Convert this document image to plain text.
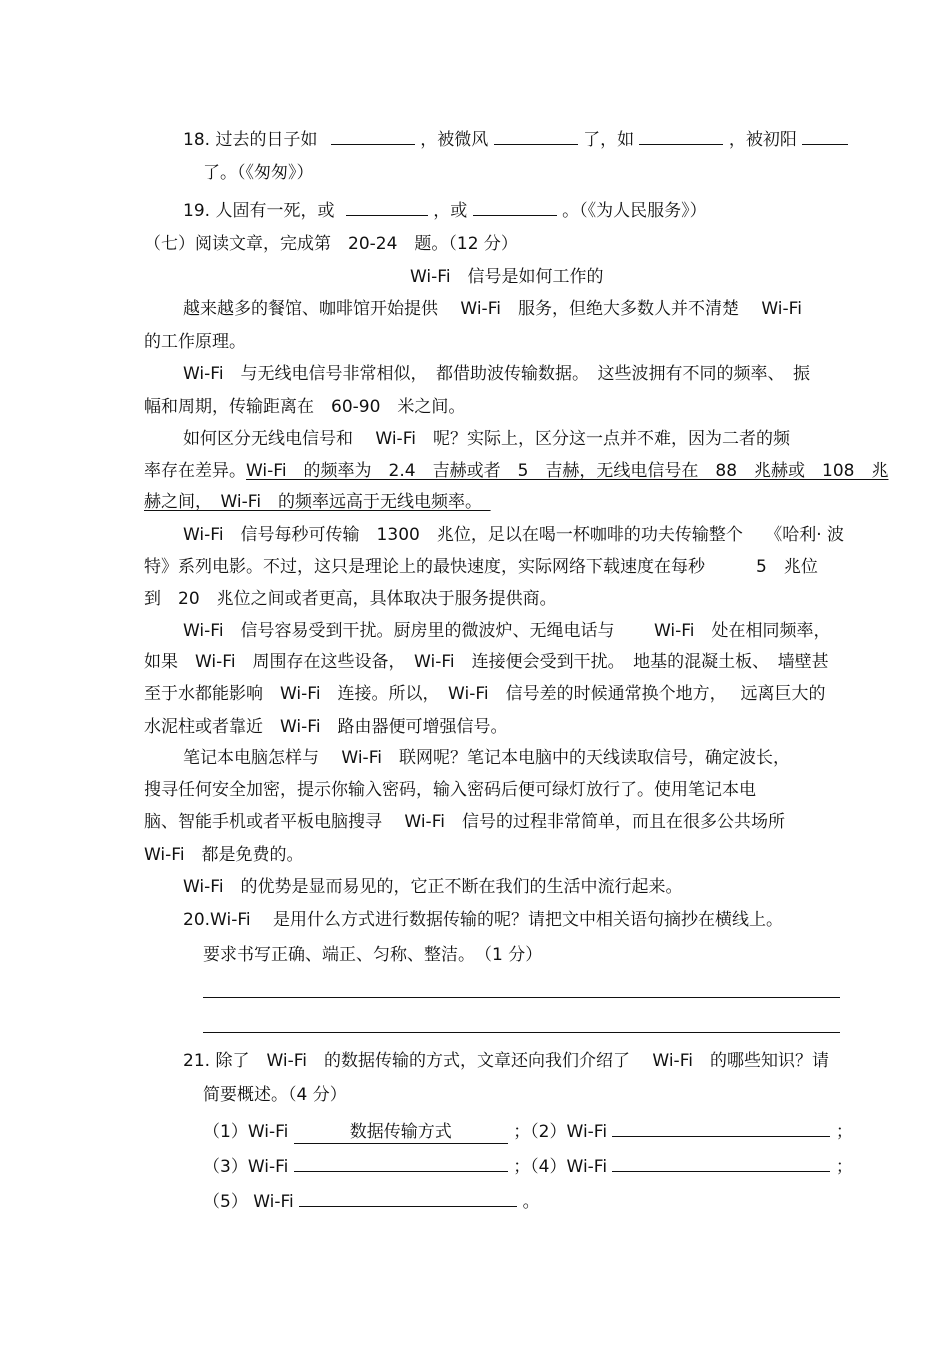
18. 过去的日子如	，被微风	了，如	，被初阳
了。（《匆匆》）
19. 人固有一死，或	，或	。（《为人民服务》）
（七）阅读文章，完成第　20-24　题。（12 分）
Wi-Fi　信号是如何工作的
越来越多的餐馆、咖啡馆开始提供　 Wi-Fi　服务，但绝大多数人并不清楚　 Wi-Fi
的工作原理。
Wi-Fi　与无线电信号非常相似，　都借助波传输数据。　这些波拥有不同的频率、　振
幅和周期，传输距离在　60-90　米之间。
如何区分无线电信号和　 Wi-Fi　呢？实际上，区分这一点并不难，因为二者的频
率存在差异。Wi-Fi　的频率为　2.4　吉赫或者　5　吉赫，无线电信号在　88　兆赫或　108　兆
赫之间，　Wi-Fi　的频率远高于无线电频率。　
Wi-Fi　信号每秒可传输　1300　兆位，足以在喝一杯咖啡的功夫传输整个　 《哈利· 波
特》系列电影。不过，这只是理论上的最快速度，实际网络下载速度在每秒　　　5　兆位
到　20　兆位之间或者更高，具体取决于服务提供商。
Wi-Fi　信号容易受到干扰。厨房里的微波炉、无绳电话与　　 Wi-Fi　处在相同频率，
如果　Wi-Fi　周围存在这些设备，　Wi-Fi　连接便会受到干扰。　地基的混凝土板、　墙壁甚
至于水都能影响　Wi-Fi　连接。所以，　Wi-Fi　信号差的时候通常换个地方，　 远离巨大的
水泥柱或者靠近　Wi-Fi　路由器便可增强信号。
笔记本电脑怎样与　 Wi-Fi　联网呢？笔记本电脑中的天线读取信号，确定波长，
搜寻任何安全加密，提示你输入密码，输入密码后便可绿灯放行了。使用笔记本电
脑、智能手机或者平板电脑搜寻　 Wi-Fi　信号的过程非常简单，而且在很多公共场所
Wi-Fi　都是免费的。
Wi-Fi　的优势是显而易见的，它正不断在我们的生活中流行起来。
20.Wi-Fi　 是用什么方式进行数据传输的呢？请把文中相关语句摘抄在横线上。
要求书写正确、端正、匀称、整洁。　（1 分）
21. 除了　Wi-Fi　的数据传输的方式，文章还向我们介绍了　 Wi-Fi　的哪些知识？请
简要概述。（4 分）
（1）Wi-Fi	数据传输方式	；（2）Wi-Fi	；
（3）Wi-Fi	；（4）Wi-Fi	；
（5） Wi-Fi	。
